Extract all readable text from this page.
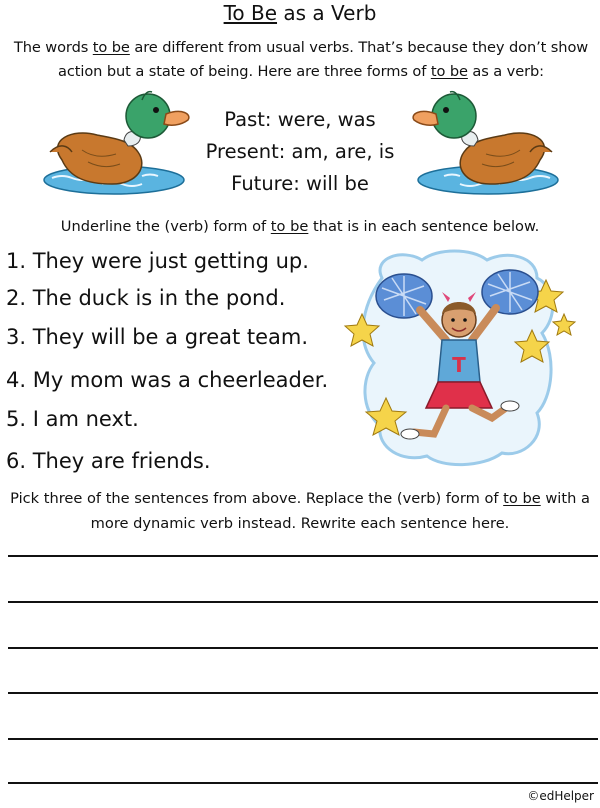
To Be as a Verb
The words to be are different from usual verbs. That’s because they don’t show action but a state of being. Here are three forms of to be as a verb:
Past: were, was
Present: am, are, is
Future: will be
Underline the (verb) form of to be that is in each sentence below.
1. They were just getting up.
2. The duck is in the pond.
3. They will be a great team.
4. My mom was a cheerleader.
5. I am next.
6. They are friends.
T
Pick three of the sentences from above. Replace the (verb) form of to be with a more dynamic verb instead. Rewrite each sentence here.
©edHelper
